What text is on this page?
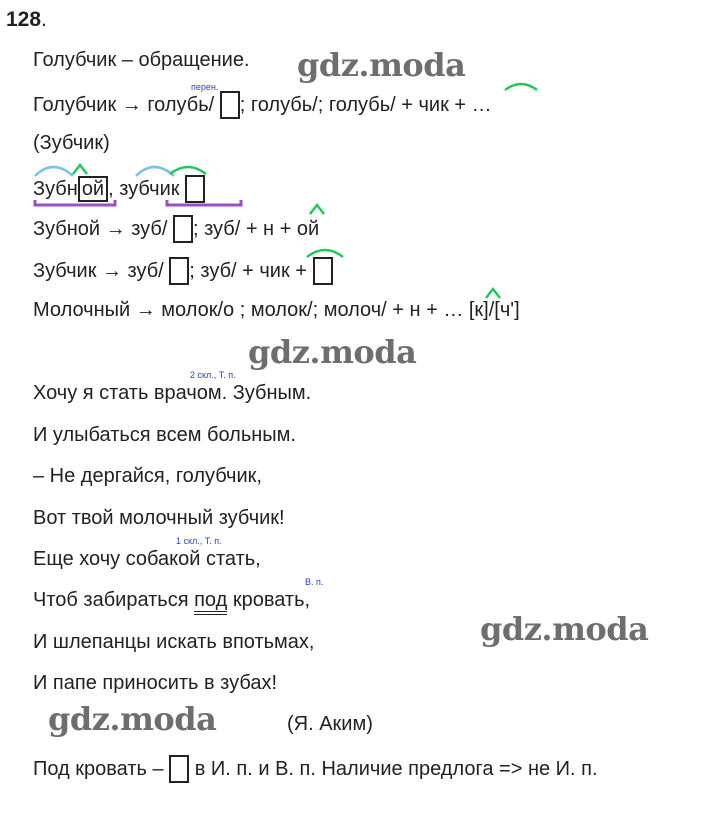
128.
gdz.moda
gdz.moda
gdz.moda
gdz.moda
Голубчик – обращение.
перен.
Голубчик → голубь/ ; голубь/; голубь/ + чик + …
(Зубчик)
Зубн ой , зубчик
Зубной → зуб/ ; зуб/ + н + ой
Зубчик → зуб/ ; зуб/ + чик +
Молочный → молок/о ; молок/; молоч/ + н + … [к]/[ч']
2 скл., Т. п.
Хочу я стать врачом. Зубным.
И улыбаться всем больным.
– Не дергайся, голубчик,
Вот твой молочный зубчик!
1 скл., Т. п.
Еще хочу собакой стать,
В. п.
Чтоб забираться под кровать,
И шлепанцы искать впотьмах,
И папе приносить в зубах!
(Я. Аким)
Под кровать – в И. п. и В. п. Наличие предлога => не И. п.
